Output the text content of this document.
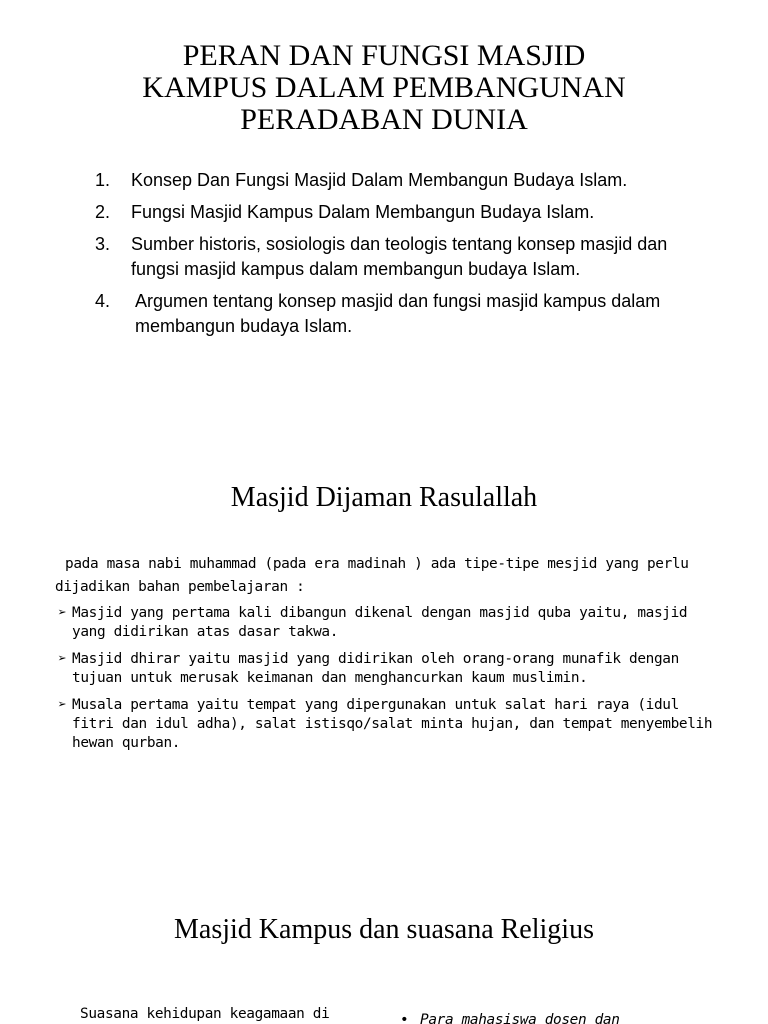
PERAN DAN FUNGSI MASJID
KAMPUS DALAM PEMBANGUNAN
PERADABAN DUNIA
1. Konsep Dan Fungsi Masjid Dalam Membangun Budaya Islam.
2. Fungsi Masjid Kampus Dalam Membangun Budaya Islam.
3. Sumber historis, sosiologis dan teologis tentang konsep masjid dan fungsi masjid kampus dalam membangun budaya Islam.
4. Argumen tentang konsep masjid dan fungsi masjid kampus dalam membangun budaya Islam.
Masjid Dijaman Rasulallah
pada masa nabi muhammad (pada era madinah ) ada tipe-tipe mesjid yang perlu
dijadikan bahan pembelajaran :
➢ Masjid yang pertama kali dibangun dikenal dengan masjid quba yaitu, masjid yang didirikan atas dasar takwa.
➢ Masjid dhirar yaitu masjid yang didirikan oleh orang-orang munafik dengan tujuan untuk merusak keimanan dan menghancurkan kaum muslimin.
➢ Musala pertama yaitu tempat yang dipergunakan untuk salat hari raya (idul fitri dan idul adha), salat istisqo/salat minta hujan, dan tempat menyembelih hewan qurban.
Masjid Kampus dan suasana Religius
Suasana kehidupan keagamaan di	• Para mahasiswa dosen dan
